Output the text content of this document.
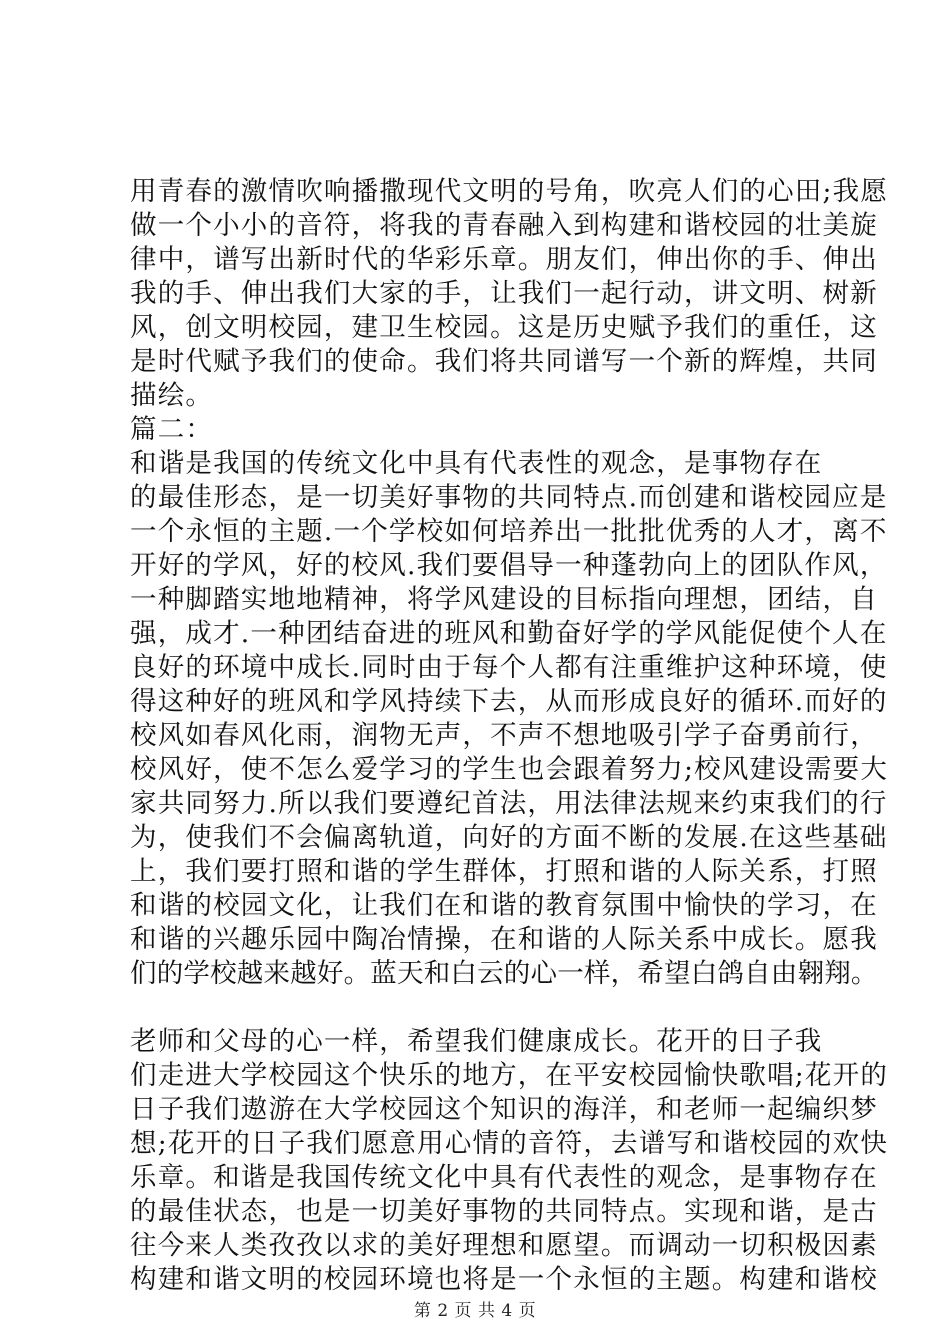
用青春的激情吹响播撒现代文明的号角，吹亮人们的心田;我愿
做一个小小的音符，将我的青春融入到构建和谐校园的壮美旋
律中，谱写出新时代的华彩乐章。朋友们，伸出你的手、伸出
我的手、伸出我们大家的手，让我们一起行动，讲文明、树新
风，创文明校园，建卫生校园。这是历史赋予我们的重任，这
是时代赋予我们的使命。我们将共同谱写一个新的辉煌，共同
描绘。
篇二：
和谐是我国的传统文化中具有代表性的观念，是事物存在
的最佳形态，是一切美好事物的共同特点.而创建和谐校园应是
一个永恒的主题.一个学校如何培养出一批批优秀的人才，离不
开好的学风，好的校风.我们要倡导一种蓬勃向上的团队作风，
一种脚踏实地地精神，将学风建设的目标指向理想，团结，自
强，成才.一种团结奋进的班风和勤奋好学的学风能促使个人在
良好的环境中成长.同时由于每个人都有注重维护这种环境，使
得这种好的班风和学风持续下去，从而形成良好的循环.而好的
校风如春风化雨，润物无声，不声不想地吸引学子奋勇前行，
校风好，使不怎么爱学习的学生也会跟着努力;校风建设需要大
家共同努力.所以我们要遵纪首法，用法律法规来约束我们的行
为，使我们不会偏离轨道，向好的方面不断的发展.在这些基础
上，我们要打照和谐的学生群体，打照和谐的人际关系，打照
和谐的校园文化，让我们在和谐的教育氛围中愉快的学习，在
和谐的兴趣乐园中陶冶情操，在和谐的人际关系中成长。愿我
们的学校越来越好。蓝天和白云的心一样，希望白鸽自由翱翔。
老师和父母的心一样，希望我们健康成长。花开的日子我
们走进大学校园这个快乐的地方，在平安校园愉快歌唱;花开的
日子我们遨游在大学校园这个知识的海洋，和老师一起编织梦
想;花开的日子我们愿意用心情的音符，去谱写和谐校园的欢快
乐章。和谐是我国传统文化中具有代表性的观念，是事物存在
的最佳状态，也是一切美好事物的共同特点。实现和谐，是古
往今来人类孜孜以求的美好理想和愿望。而调动一切积极因素
构建和谐文明的校园环境也将是一个永恒的主题。构建和谐校
第 2 页 共 4 页
